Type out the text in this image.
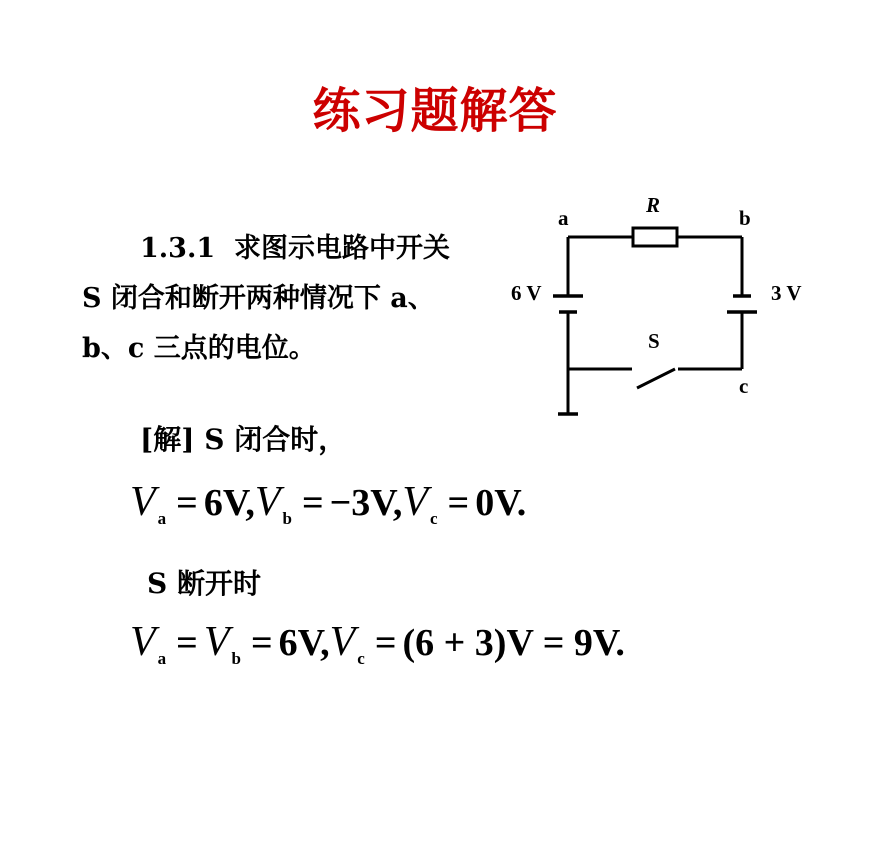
练习题解答
1.3.1 求图示电路中开关
S 闭合和断开两种情况下 a、
b、c 三点的电位。
a
R
b
6 V	3 V
S
c
[解] S 闭合时，
V $_a$ = 6V,V $_b$ = −3V,V $_c$ = 0V.
S 断开时
V $_a$ = V $_b$ = 6V,V $_c$ = (6 + 3)V = 9V.
